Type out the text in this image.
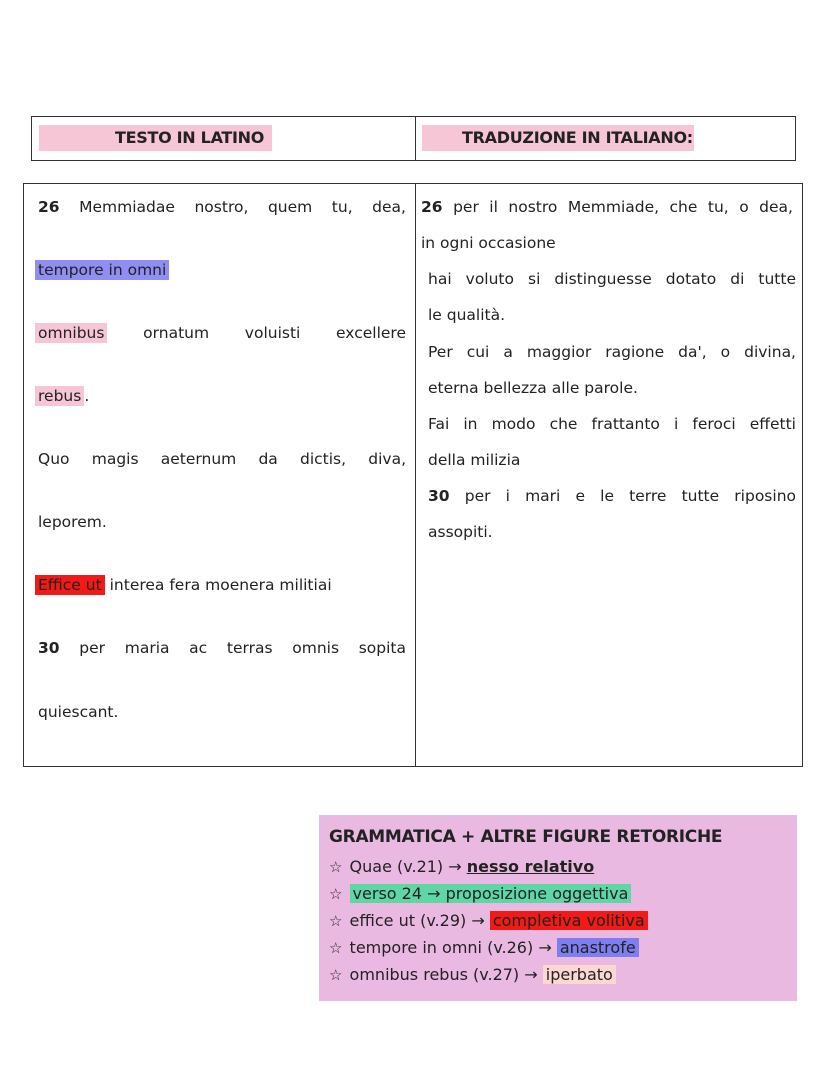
TESTO IN LATINO	TRADUZIONE IN ITALIANO:
26 Memmiadae nostro, quem tu, dea,
tempore in omni
omnibus ornatum voluisti excellere
rebus .
Quo magis aeternum da dictis, diva,
leporem.
Effice ut interea fera moenera militiai
30 per maria ac terras omnis sopita
quiescant.
26 per il nostro Memmiade, che tu, o dea,
in ogni occasione
hai voluto si distinguesse dotato di tutte
le qualità.
Per cui a maggior ragione da', o divina,
eterna bellezza alle parole.
Fai in modo che frattanto i feroci effetti
della milizia
30 per i mari e le terre tutte riposino
assopiti.
GRAMMATICA + ALTRE FIGURE RETORICHE
☆ Quae (v.21) → nesso relativo
☆ verso 24 → proposizione oggettiva
☆ effice ut (v.29) → completiva volitiva
☆ tempore in omni (v.26) → anastrofe
☆ omnibus rebus (v.27) → iperbato
